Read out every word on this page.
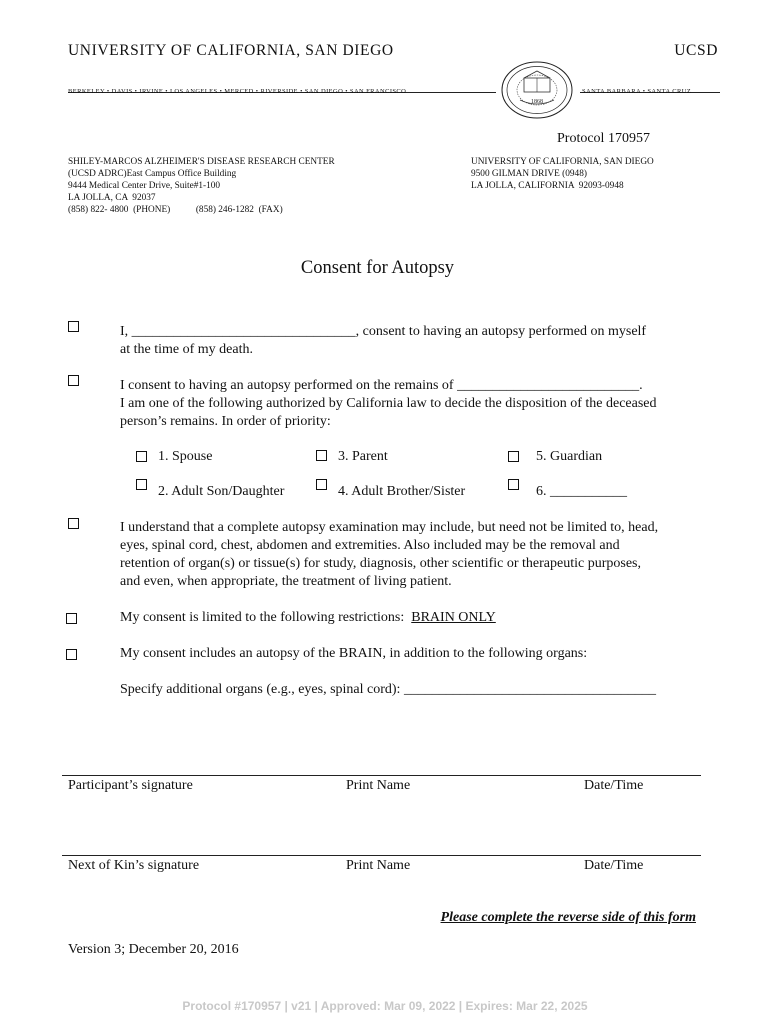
UNIVERSITY OF CALIFORNIA, SAN DIEGO	UCSD
BERKELEY • DAVIS • IRVINE • LOS ANGELES • MERCED • RIVERSIDE • SAN DIEGO • SAN FRANCISCO	SANTA BARBARA • SANTA CRUZ
1868
Protocol 170957
SHILEY-MARCOS ALZHEIMER'S DISEASE RESEARCH CENTER
(UCSD ADRC)East Campus Office Building
9444 Medical Center Drive, Suite#1-100
LA JOLLA, CA  92037
(858) 822- 4800  (PHONE)           (858) 246-1282  (FAX)
UNIVERSITY OF CALIFORNIA, SAN DIEGO
9500 GILMAN DRIVE (0948)
LA JOLLA, CALIFORNIA  92093-0948
Consent for Autopsy
I, ________________________________, consent to having an autopsy performed on myself
at the time of my death.
I consent to having an autopsy performed on the remains of __________________________.
I am one of the following authorized by California law to decide the disposition of the deceased
person’s remains. In order of priority:
1. Spouse	3. Parent	5. Guardian
2. Adult Son/Daughter	4. Adult Brother/Sister	6. ___________
I understand that a complete autopsy examination may include, but need not be limited to, head,
eyes, spinal cord, chest, abdomen and extremities. Also included may be the removal and
retention of organ(s) or tissue(s) for study, diagnosis, other scientific or therapeutic purposes,
and even, when appropriate, the treatment of living patient.
My consent is limited to the following restrictions:  BRAIN ONLY
My consent includes an autopsy of the BRAIN, in addition to the following organs:
Specify additional organs (e.g., eyes, spinal cord): ____________________________________
Participant’s signature	Print Name	Date/Time
Next of Kin’s signature	Print Name	Date/Time
Please complete the reverse side of this form
Version 3; December 20, 2016
Protocol #170957 | v21 | Approved: Mar 09, 2022 | Expires: Mar 22, 2025
